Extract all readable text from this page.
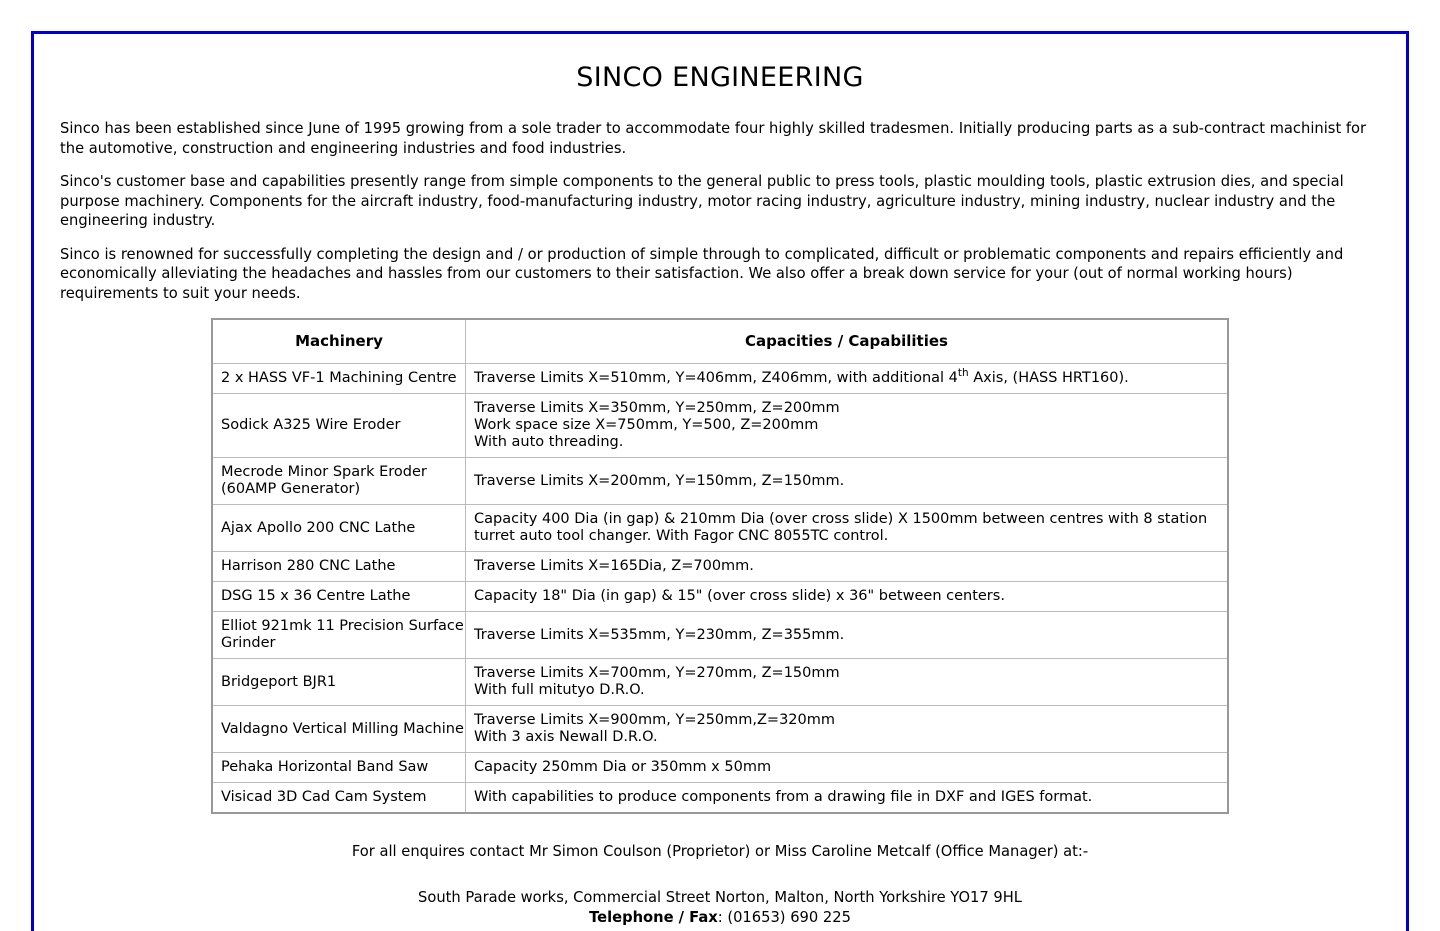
SINCO ENGINEERING

Sinco has been established since June of 1995 growing from a sole trader to accommodate four highly skilled tradesmen. Initially producing parts as a sub-contract machinist for the automotive, construction and engineering industries and food industries.

Sinco's customer base and capabilities presently range from simple components to the general public to press tools, plastic moulding tools, plastic extrusion dies, and special purpose machinery. Components for the aircraft industry, food-manufacturing industry, motor racing industry, agriculture industry, mining industry, nuclear industry and the engineering industry.

Sinco is renowned for successfully completing the design and / or production of simple through to complicated, difficult or problematic components and repairs efficiently and economically alleviating the headaches and hassles from our customers to their satisfaction. We also offer a break down service for your (out of normal working hours) requirements to suit your needs.

Machinery	Capacities / Capabilities
2 x HASS VF-1 Machining Centre	Traverse Limits X=510mm, Y=406mm, Z406mm, with additional 4th Axis, (HASS HRT160).

Sodick A325 Wire Eroder	Traverse Limits X=350mm, Y=250mm, Z=200mm
Work space size X=750mm, Y=500, Z=200mm
With auto threading.

Mecrode Minor Spark Eroder (60AMP Generator)	Traverse Limits X=200mm, Y=150mm, Z=150mm.

Ajax Apollo 200 CNC Lathe	Capacity 400 Dia (in gap) & 210mm Dia (over cross slide) X 1500mm between centres with 8 station turret auto tool changer. With Fagor CNC 8055TC control.

Harrison 280 CNC Lathe	Traverse Limits X=165Dia, Z=700mm.

DSG 15 x 36 Centre Lathe	Capacity 18" Dia (in gap) & 15" (over cross slide) x 36" between centers.

Elliot 921mk 11 Precision Surface Grinder	Traverse Limits X=535mm, Y=230mm, Z=355mm.

Bridgeport BJR1	Traverse Limits X=700mm, Y=270mm, Z=150mm
With full mitutyo D.R.O.

Valdagno Vertical Milling Machine	Traverse Limits X=900mm, Y=250mm,Z=320mm
With 3 axis Newall D.R.O.

Pehaka Horizontal Band Saw	Capacity 250mm Dia or 350mm x 50mm

Visicad 3D Cad Cam System	With capabilities to produce components from a drawing file in DXF and IGES format.
For all enquires contact Mr Simon Coulson (Proprietor) or Miss Caroline Metcalf (Office Manager) at:-
South Parade works, Commercial Street Norton, Malton, North Yorkshire YO17 9HL
Telephone / Fax: (01653) 690 225
